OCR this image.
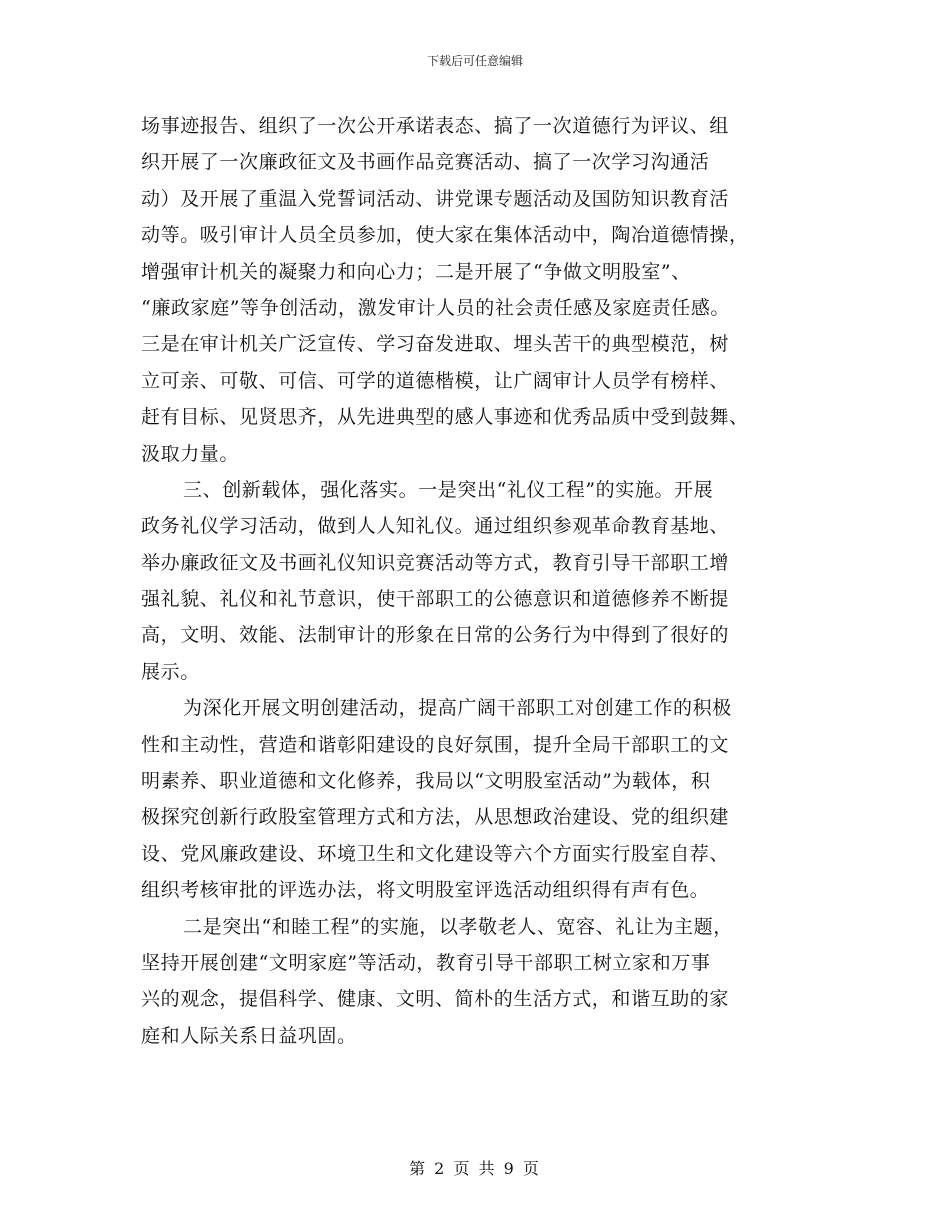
下载后可任意编辑
场事迹报告、组织了一次公开承诺表态、搞了一次道德行为评议、组
织开展了一次廉政征文及书画作品竞赛活动、搞了一次学习沟通活
动）及开展了重温入党誓词活动、讲党课专题活动及国防知识教育活
动等。吸引审计人员全员参加，使大家在集体活动中，陶冶道德情操，
增强审计机关的凝聚力和向心力；二是开展了“争做文明股室”、
“廉政家庭”等争创活动，激发审计人员的社会责任感及家庭责任感。
三是在审计机关广泛宣传、学习奋发进取、埋头苦干的典型模范，树
立可亲、可敬、可信、可学的道德楷模，让广阔审计人员学有榜样、
赶有目标、见贤思齐，从先进典型的感人事迹和优秀品质中受到鼓舞、
汲取力量。
三、创新载体，强化落实。一是突出“礼仪工程”的实施。开展
政务礼仪学习活动，做到人人知礼仪。通过组织参观革命教育基地、
举办廉政征文及书画礼仪知识竞赛活动等方式，教育引导干部职工增
强礼貌、礼仪和礼节意识，使干部职工的公德意识和道德修养不断提
高，文明、效能、法制审计的形象在日常的公务行为中得到了很好的
展示。
为深化开展文明创建活动，提高广阔干部职工对创建工作的积极
性和主动性，营造和谐彰阳建设的良好氛围，提升全局干部职工的文
明素养、职业道德和文化修养，我局以“文明股室活动”为载体，积
极探究创新行政股室管理方式和方法，从思想政治建设、党的组织建
设、党风廉政建设、环境卫生和文化建设等六个方面实行股室自荐、
组织考核审批的评选办法，将文明股室评选活动组织得有声有色。
二是突出“和睦工程”的实施，以孝敬老人、宽容、礼让为主题，
坚持开展创建“文明家庭”等活动，教育引导干部职工树立家和万事
兴的观念，提倡科学、健康、文明、简朴的生活方式，和谐互助的家
庭和人际关系日益巩固。
第 2 页 共 9 页
